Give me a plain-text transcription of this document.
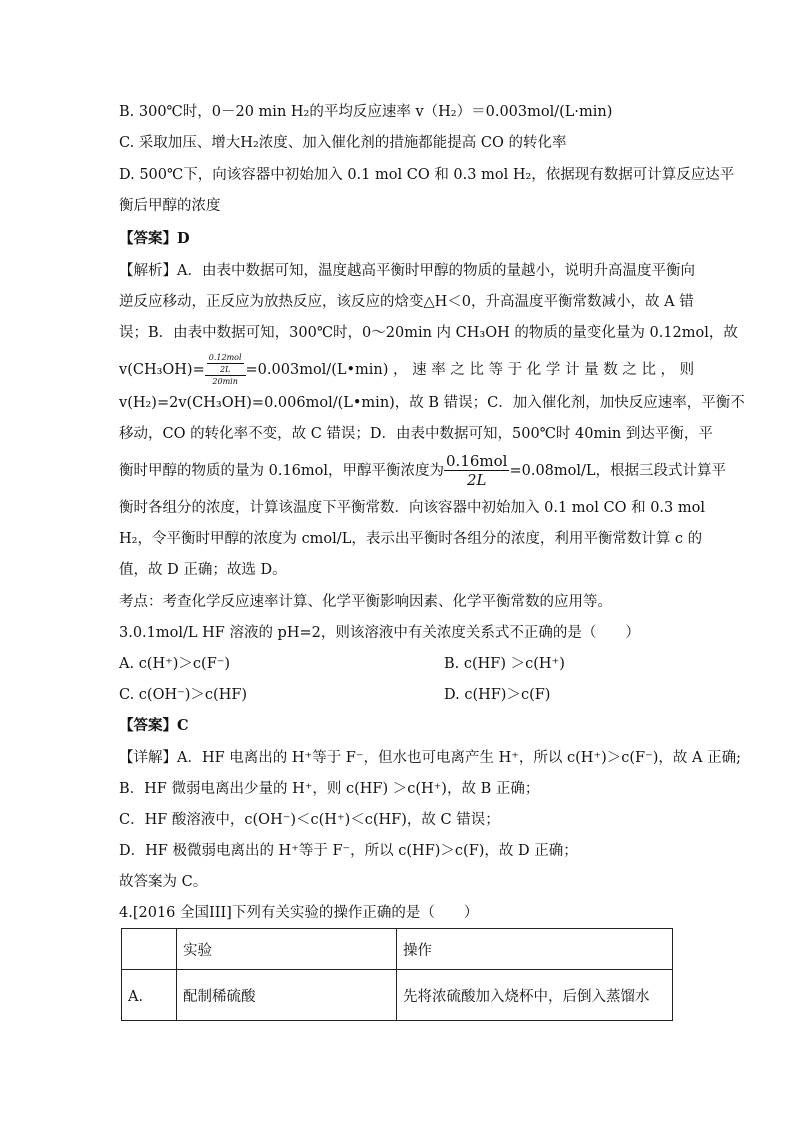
B. 300℃时，0－20 min H₂的平均反应速率 v（H₂）＝0.003mol/(L·min)
C. 采取加压、增大H₂浓度、加入催化剂的措施都能提高 CO 的转化率
D. 500℃下，向该容器中初始加入 0.1 mol CO 和 0.3 mol H₂，依据现有数据可计算反应达平
衡后甲醇的浓度
【答案】D
【解析】A．由表中数据可知，温度越高平衡时甲醇的物质的量越小，说明升高温度平衡向
逆反应移动，正反应为放热反应，该反应的焓变△H＜0，升高温度平衡常数减小，故 A 错
误；B．由表中数据可知，300℃时，0～20min 内 CH₃OH 的物质的量变化量为 0.12mol，故
$v(CH_3OH)= \frac{\frac{\text{0.12mol}}{2L}}{20\min}$ =0.003mol/(L•min) ， 速 率 之 比 等 于 化 学 计 量 数 之 比 ， 则
v(H₂)=2v(CH₃OH)=0.006mol/(L•min)，故 B 错误；C．加入催化剂，加快反应速率，平衡不
移动，CO 的转化率不变，故 C 错误；D．由表中数据可知，500℃时 40min 到达平衡，平
衡时甲醇的物质的量为 0.16mol，甲醇平衡浓度为 $\frac{\text{0.16mol}}{2L} =0.08mol/L$，根据三段式计算平
衡时各组分的浓度，计算该温度下平衡常数．向该容器中初始加入 0.1 mol CO 和 0.3 mol
H₂，令平衡时甲醇的浓度为 cmol/L，表示出平衡时各组分的浓度，利用平衡常数计算 c 的
值，故 D 正确；故选 D。
考点：考查化学反应速率计算、化学平衡影响因素、化学平衡常数的应用等。
3.0.1mol/L HF 溶液的 pH=2，则该溶液中有关浓度关系式不正确的是（　　）
A. c(H⁺)＞c(F⁻)	B. c(HF) ＞c(H⁺)
C. c(OH⁻)＞c(HF)	D. c(HF)＞c(F)
【答案】C
【详解】A．HF 电离出的 H⁺等于 F⁻，但水也可电离产生 H⁺，所以 c(H⁺)＞c(F⁻)，故 A 正确;
B．HF 微弱电离出少量的 H⁺，则 c(HF) ＞c(H⁺)，故 B 正确；
C．HF 酸溶液中，c(OH⁻)＜c(H⁺)＜c(HF)，故 C 错误；
D．HF 极微弱电离出的 H⁺等于 F⁻，所以 c(HF)＞c(F)，故 D 正确；
故答案为 C。
4.[2016 全国III]下列有关实验的操作正确的是（　　）
	实验	操作
A．	配制稀硫酸	先将浓硫酸加入烧杯中，后倒入蒸馏水
